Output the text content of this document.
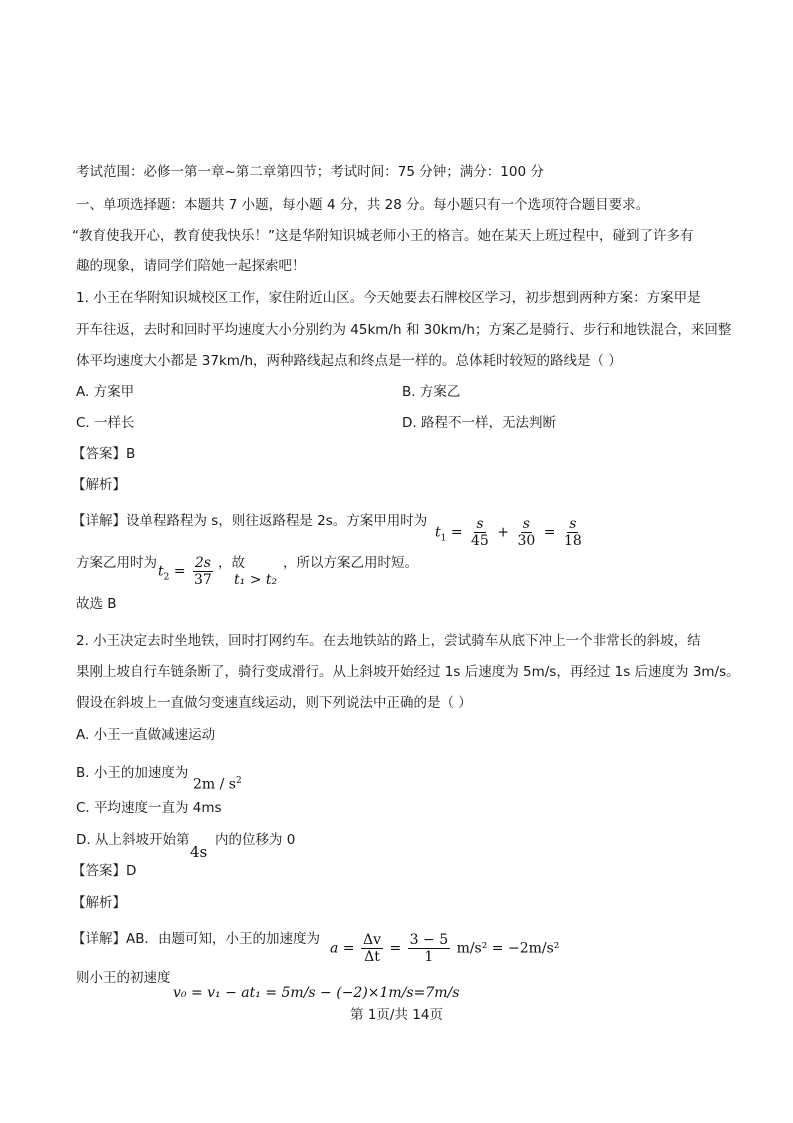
考试范围：必修一第一章~第二章第四节；考试时间：75 分钟；满分：100 分
一、单项选择题：本题共 7 小题，每小题 4 分，共 28 分。每小题只有一个选项符合题目要求。
“教育使我开心，教育使我快乐！”这是华附知识城老师小王的格言。她在某天上班过程中，碰到了许多有
趣的现象，请同学们陪她一起探索吧！
1. 小王在华附知识城校区工作，家住附近山区。今天她要去石牌校区学习，初步想到两种方案：方案甲是
开车往返，去时和回时平均速度大小分别约为 45km/h 和 30km/h；方案乙是骑行、步行和地铁混合，来回整
体平均速度大小都是 37km/h，两种路线起点和终点是一样的。总体耗时较短的路线是（ ）
A. 方案甲	B. 方案乙
C. 一样长	D. 路程不一样，无法判断
【答案】B
【解析】
【详解】设单程路程为 s，则往返路程是 2s。方案甲用时为
$t_1 = \frac{s}{45} + \frac{s}{30} = \frac{s}{18}$
方案乙用时为
$t_2 = \frac{2s}{37}$ ，故
t₁ > t₂
，所以方案乙用时短。
故选 B
2. 小王决定去时坐地铁，回时打网约车。在去地铁站的路上，尝试骑车从底下冲上一个非常长的斜坡，结
果刚上坡自行车链条断了，骑行变成滑行。从上斜坡开始经过 1s 后速度为 5m/s，再经过 1s 后速度为 3m/s。
假设在斜坡上一直做匀变速直线运动，则下列说法中正确的是（ ）
A. 小王一直做减速运动
B. 小王的加速度为
$2m / s^2$
C. 平均速度一直为 4ms
D. 从上斜坡开始第
4s
内的位移为 0
【答案】D
【解析】
【详解】AB．由题可知，小王的加速度为
$a = \frac{\Delta v}{\Delta t} = \frac{3 - 5}{1} m/s^2 = -2m/s^2$
则小王的初速度
v₀ = v₁ − at₁ = 5m/s − (−2)×1m/s=7m/s
第 1页/共 14页
